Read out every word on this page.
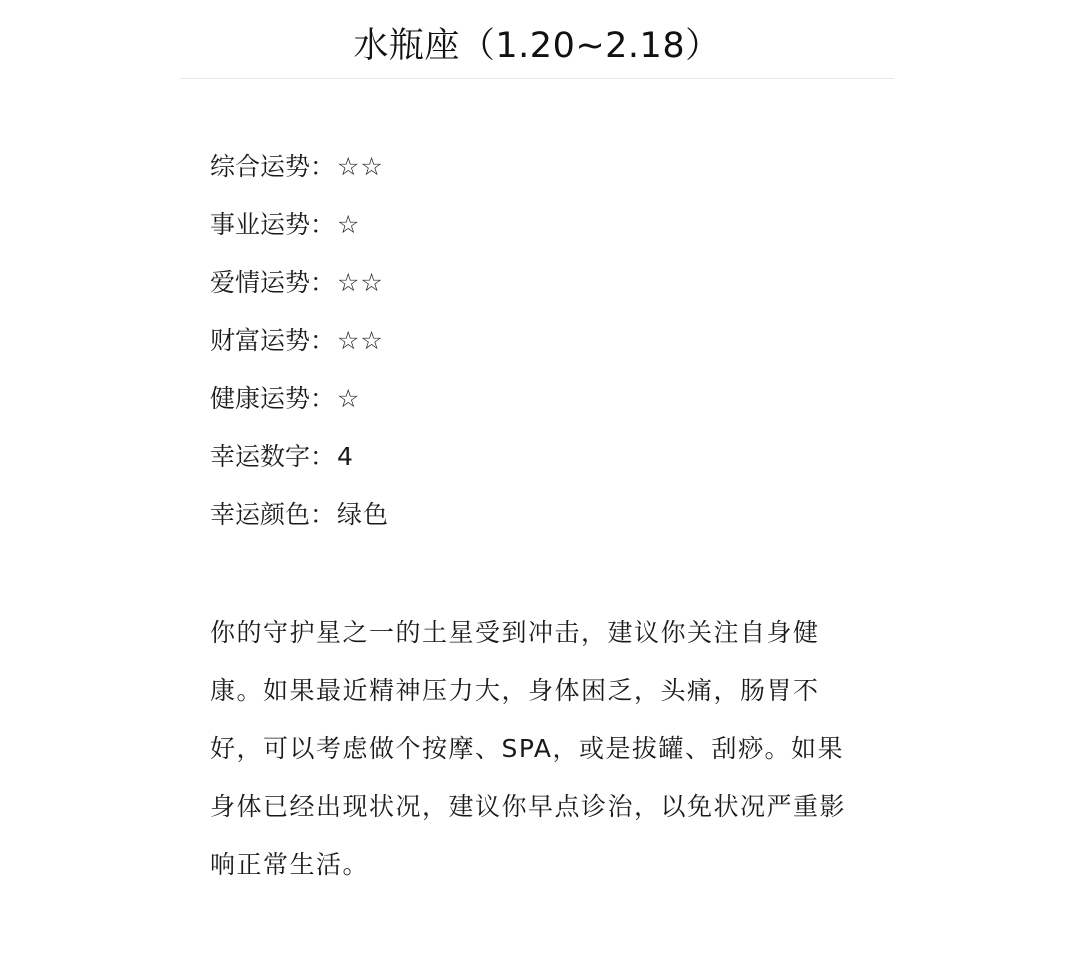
水瓶座（1.20~2.18）
综合运势：☆☆
事业运势：☆
爱情运势：☆☆
财富运势：☆☆
健康运势：☆
幸运数字：4
幸运颜色：绿色

你的守护星之一的土星受到冲击，建议你关注自身健康。如果最近精神压力大，身体困乏，头痛，肠胃不好，可以考虑做个按摩、SPA，或是拔罐、刮痧。如果身体已经出现状况，建议你早点诊治，以免状况严重影响正常生活。
